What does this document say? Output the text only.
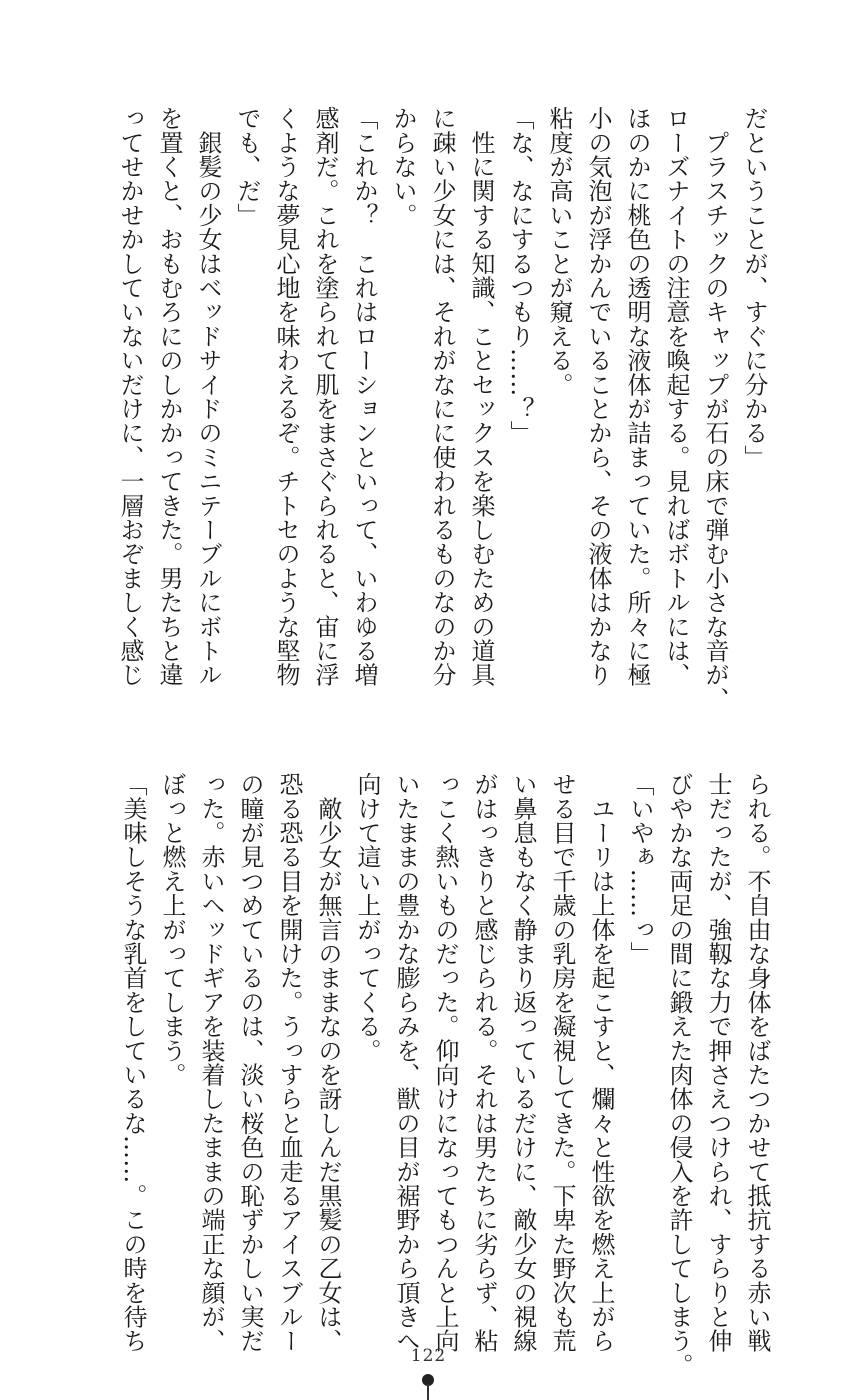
だということが、すぐに分かる」
　プラスチックのキャップが石の床で弾む小さな音が、
ローズナイトの注意を喚起する。見ればボトルには、
ほのかに桃色の透明な液体が詰まっていた。所々に極
小の気泡が浮かんでいることから、その液体はかなり
粘度が高いことが窺える。
「な、なにするつもり……？」
　性に関する知識、ことセックスを楽しむための道具
に疎い少女には、それがなにに使われるものなのか分
からない。
「これか？　これはローションといって、いわゆる増
感剤だ。これを塗られて肌をまさぐられると、宙に浮
くような夢見心地を味わえるぞ。チトセのような堅物
でも、だ」
　銀髪の少女はベッドサイドのミニテーブルにボトル
を置くと、おもむろにのしかかってきた。男たちと違
ってせかせかしていないだけに、一層おぞましく感じ
られる。不自由な身体をばたつかせて抵抗する赤い戦
士だったが、強靱な力で押さえつけられ、すらりと伸
びやかな両足の間に鍛えた肉体の侵入を許してしまう。
「いやぁ……っ」
　ユーリは上体を起こすと、爛々と性欲を燃え上がら
せる目で千歳の乳房を凝視してきた。下卑た野次も荒
い鼻息もなく静まり返っているだけに、敵少女の視線
がはっきりと感じられる。それは男たちに劣らず、粘
っこく熱いものだった。仰向けになってもつんと上向
いたままの豊かな膨らみを、獣の目が裾野から頂きへ
向けて這い上がってくる。
　敵少女が無言のままなのを訝しんだ黒髪の乙女は、
恐る恐る目を開けた。うっすらと血走るアイスブルー
の瞳が見つめているのは、淡い桜色の恥ずかしい実だ
った。赤いヘッドギアを装着したままの端正な顔が、
ぼっと燃え上がってしまう。
「美味しそうな乳首をしているな……。この時を待ち
122
